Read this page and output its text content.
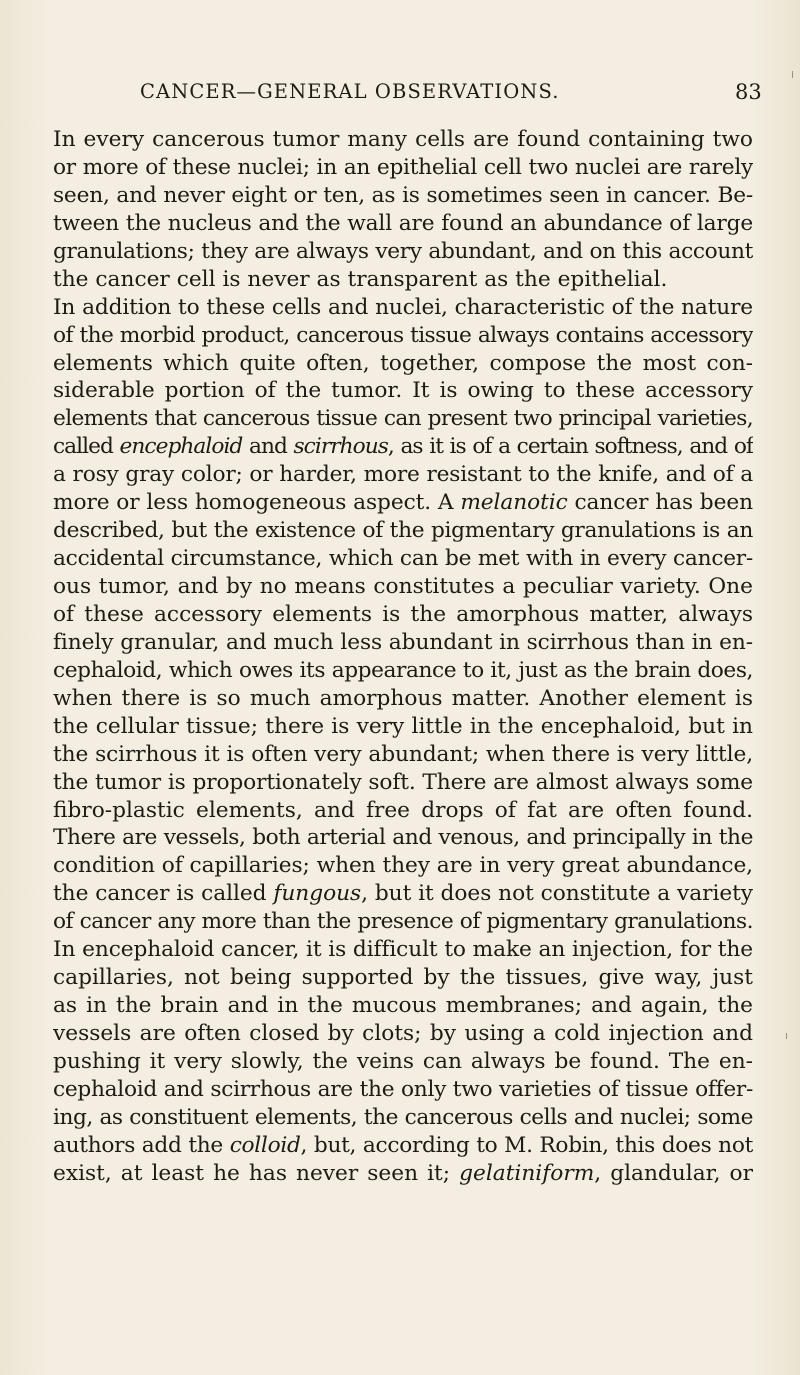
CANCER—GENERAL OBSERVATIONS.	83
In every cancerous tumor many cells are found containing two
or more of these nuclei; in an epithelial cell two nuclei are rarely
seen, and never eight or ten, as is sometimes seen in cancer. Be-
tween the nucleus and the wall are found an abundance of large
granulations; they are always very abundant, and on this account
the cancer cell is never as transparent as the epithelial.
In addition to these cells and nuclei, characteristic of the nature
of the morbid product, cancerous tissue always contains accessory
elements which quite often, together, compose the most con-
siderable portion of the tumor. It is owing to these accessory
elements that cancerous tissue can present two principal varieties,
called encephaloid and scirrhous, as it is of a certain softness, and of
a rosy gray color; or harder, more resistant to the knife, and of a
more or less homogeneous aspect. A melanotic cancer has been
described, but the existence of the pigmentary granulations is an
accidental circumstance, which can be met with in every cancer-
ous tumor, and by no means constitutes a peculiar variety. One
of these accessory elements is the amorphous matter, always
finely granular, and much less abundant in scirrhous than in en-
cephaloid, which owes its appearance to it, just as the brain does,
when there is so much amorphous matter. Another element is
the cellular tissue; there is very little in the encephaloid, but in
the scirrhous it is often very abundant; when there is very little,
the tumor is proportionately soft. There are almost always some
fibro-plastic elements, and free drops of fat are often found.
There are vessels, both arterial and venous, and principally in the
condition of capillaries; when they are in very great abundance,
the cancer is called fungous, but it does not constitute a variety
of cancer any more than the presence of pigmentary granulations.
In encephaloid cancer, it is difficult to make an injection, for the
capillaries, not being supported by the tissues, give way, just
as in the brain and in the mucous membranes; and again, the
vessels are often closed by clots; by using a cold injection and
pushing it very slowly, the veins can always be found. The en-
cephaloid and scirrhous are the only two varieties of tissue offer-
ing, as constituent elements, the cancerous cells and nuclei; some
authors add the colloid, but, according to M. Robin, this does not
exist, at least he has never seen it; gelatiniform, glandular, or
